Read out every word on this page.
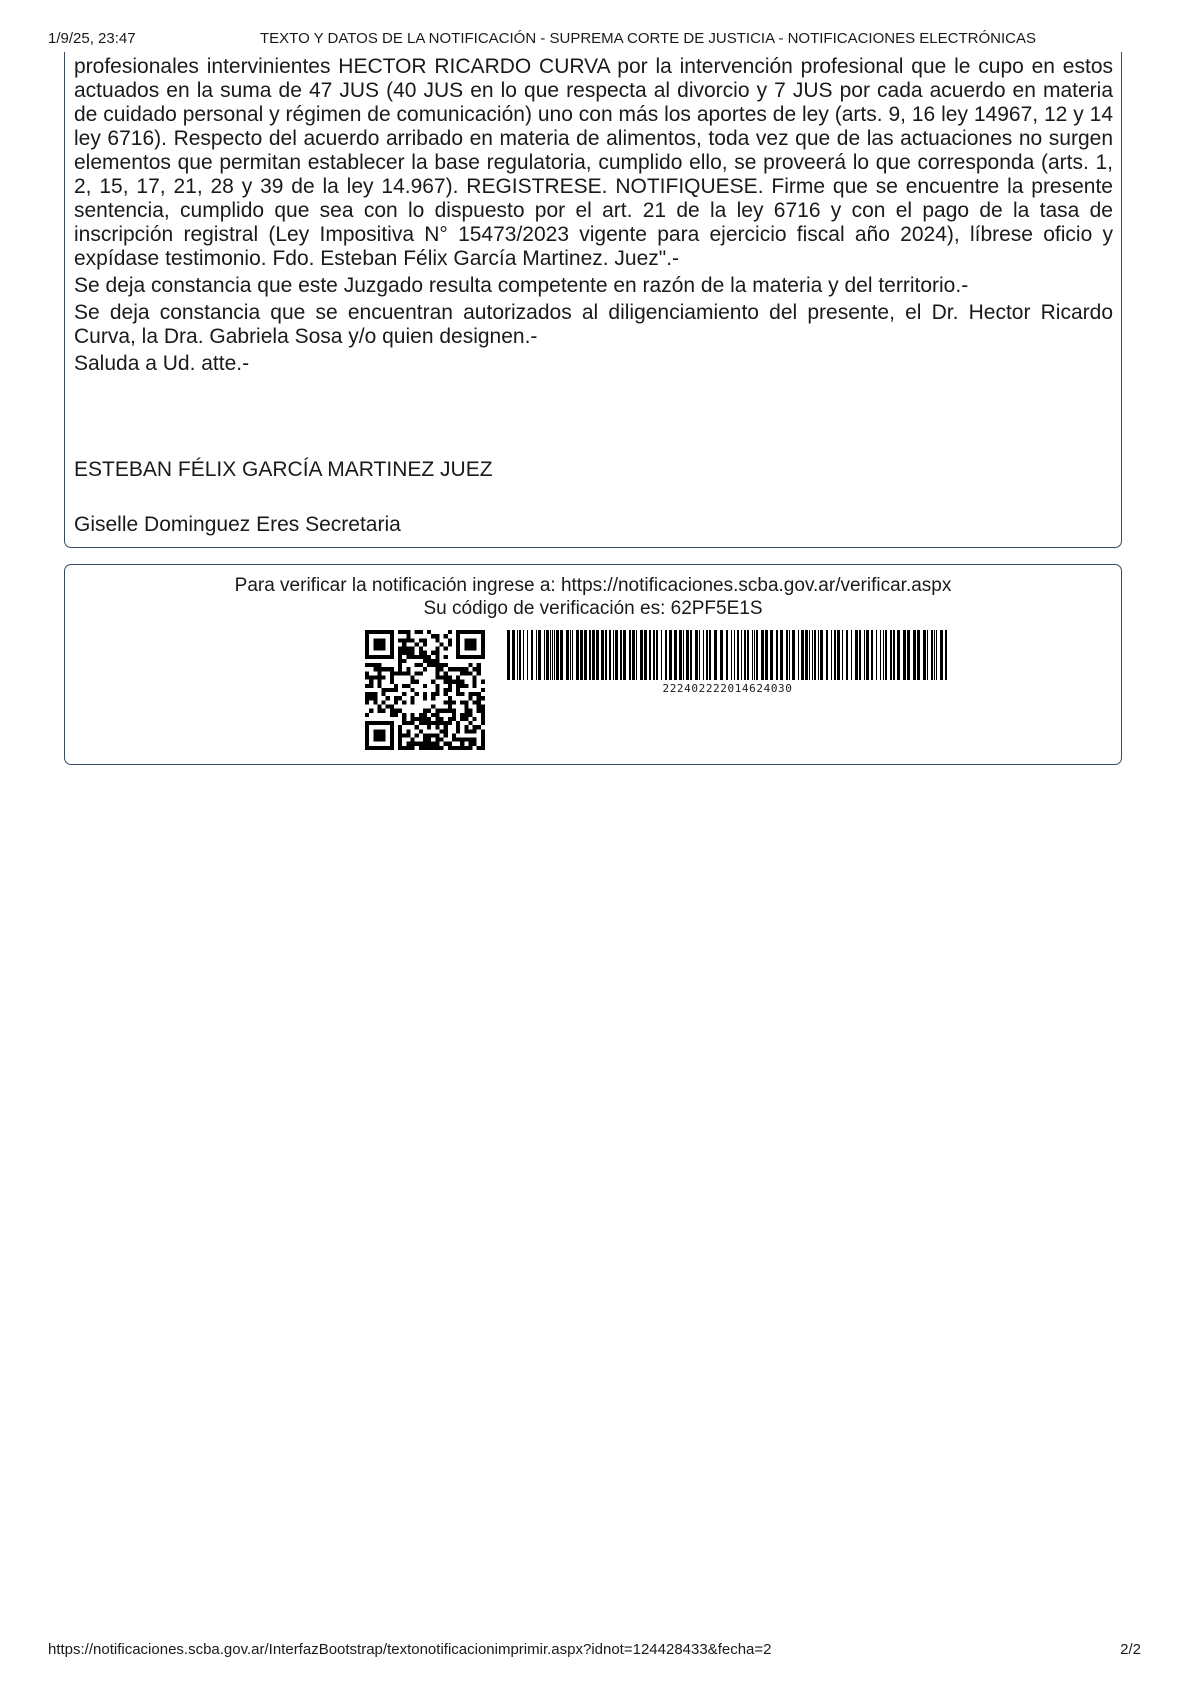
1/9/25, 23:47	TEXTO Y DATOS DE LA NOTIFICACIÓN - SUPREMA CORTE DE JUSTICIA - NOTIFICACIONES ELECTRÓNICAS

profesionales intervinientes HECTOR RICARDO CURVA por la intervención profesional que le cupo en estos actuados en la suma de 47 JUS (40 JUS en lo que respecta al divorcio y 7 JUS por cada acuerdo en materia de cuidado personal y régimen de comunicación) uno con más los aportes de ley (arts. 9, 16 ley 14967, 12 y 14 ley 6716). Respecto del acuerdo arribado en materia de alimentos, toda vez que de las actuaciones no surgen elementos que permitan establecer la base regulatoria, cumplido ello, se proveerá lo que corresponda (arts. 1, 2, 15, 17, 21, 28 y 39 de la ley 14.967). REGISTRESE. NOTIFIQUESE. Firme que se encuentre la presente sentencia, cumplido que sea con lo dispuesto por el art. 21 de la ley 6716 y con el pago de la tasa de inscripción registral (Ley Impositiva N° 15473/2023 vigente para ejercicio fiscal año 2024), líbrese oficio y expídase testimonio. Fdo. Esteban Félix García Martinez. Juez".-

Se deja constancia que este Juzgado resulta competente en razón de la materia y del territorio.-

Se deja constancia que se encuentran autorizados al diligenciamiento del presente, el Dr. Hector Ricardo Curva, la Dra. Gabriela Sosa y/o quien designen.-

Saluda a Ud. atte.-

ESTEBAN FÉLIX GARCÍA MARTINEZ JUEZ

Giselle Dominguez Eres Secretaria

Para verificar la notificación ingrese a: https://notificaciones.scba.gov.ar/verificar.aspx

Su código de verificación es: 62PF5E1S

222402222014624030
https://notificaciones.scba.gov.ar/InterfazBootstrap/textonotificacionimprimir.aspx?idnot=124428433&fecha=2	2/2
